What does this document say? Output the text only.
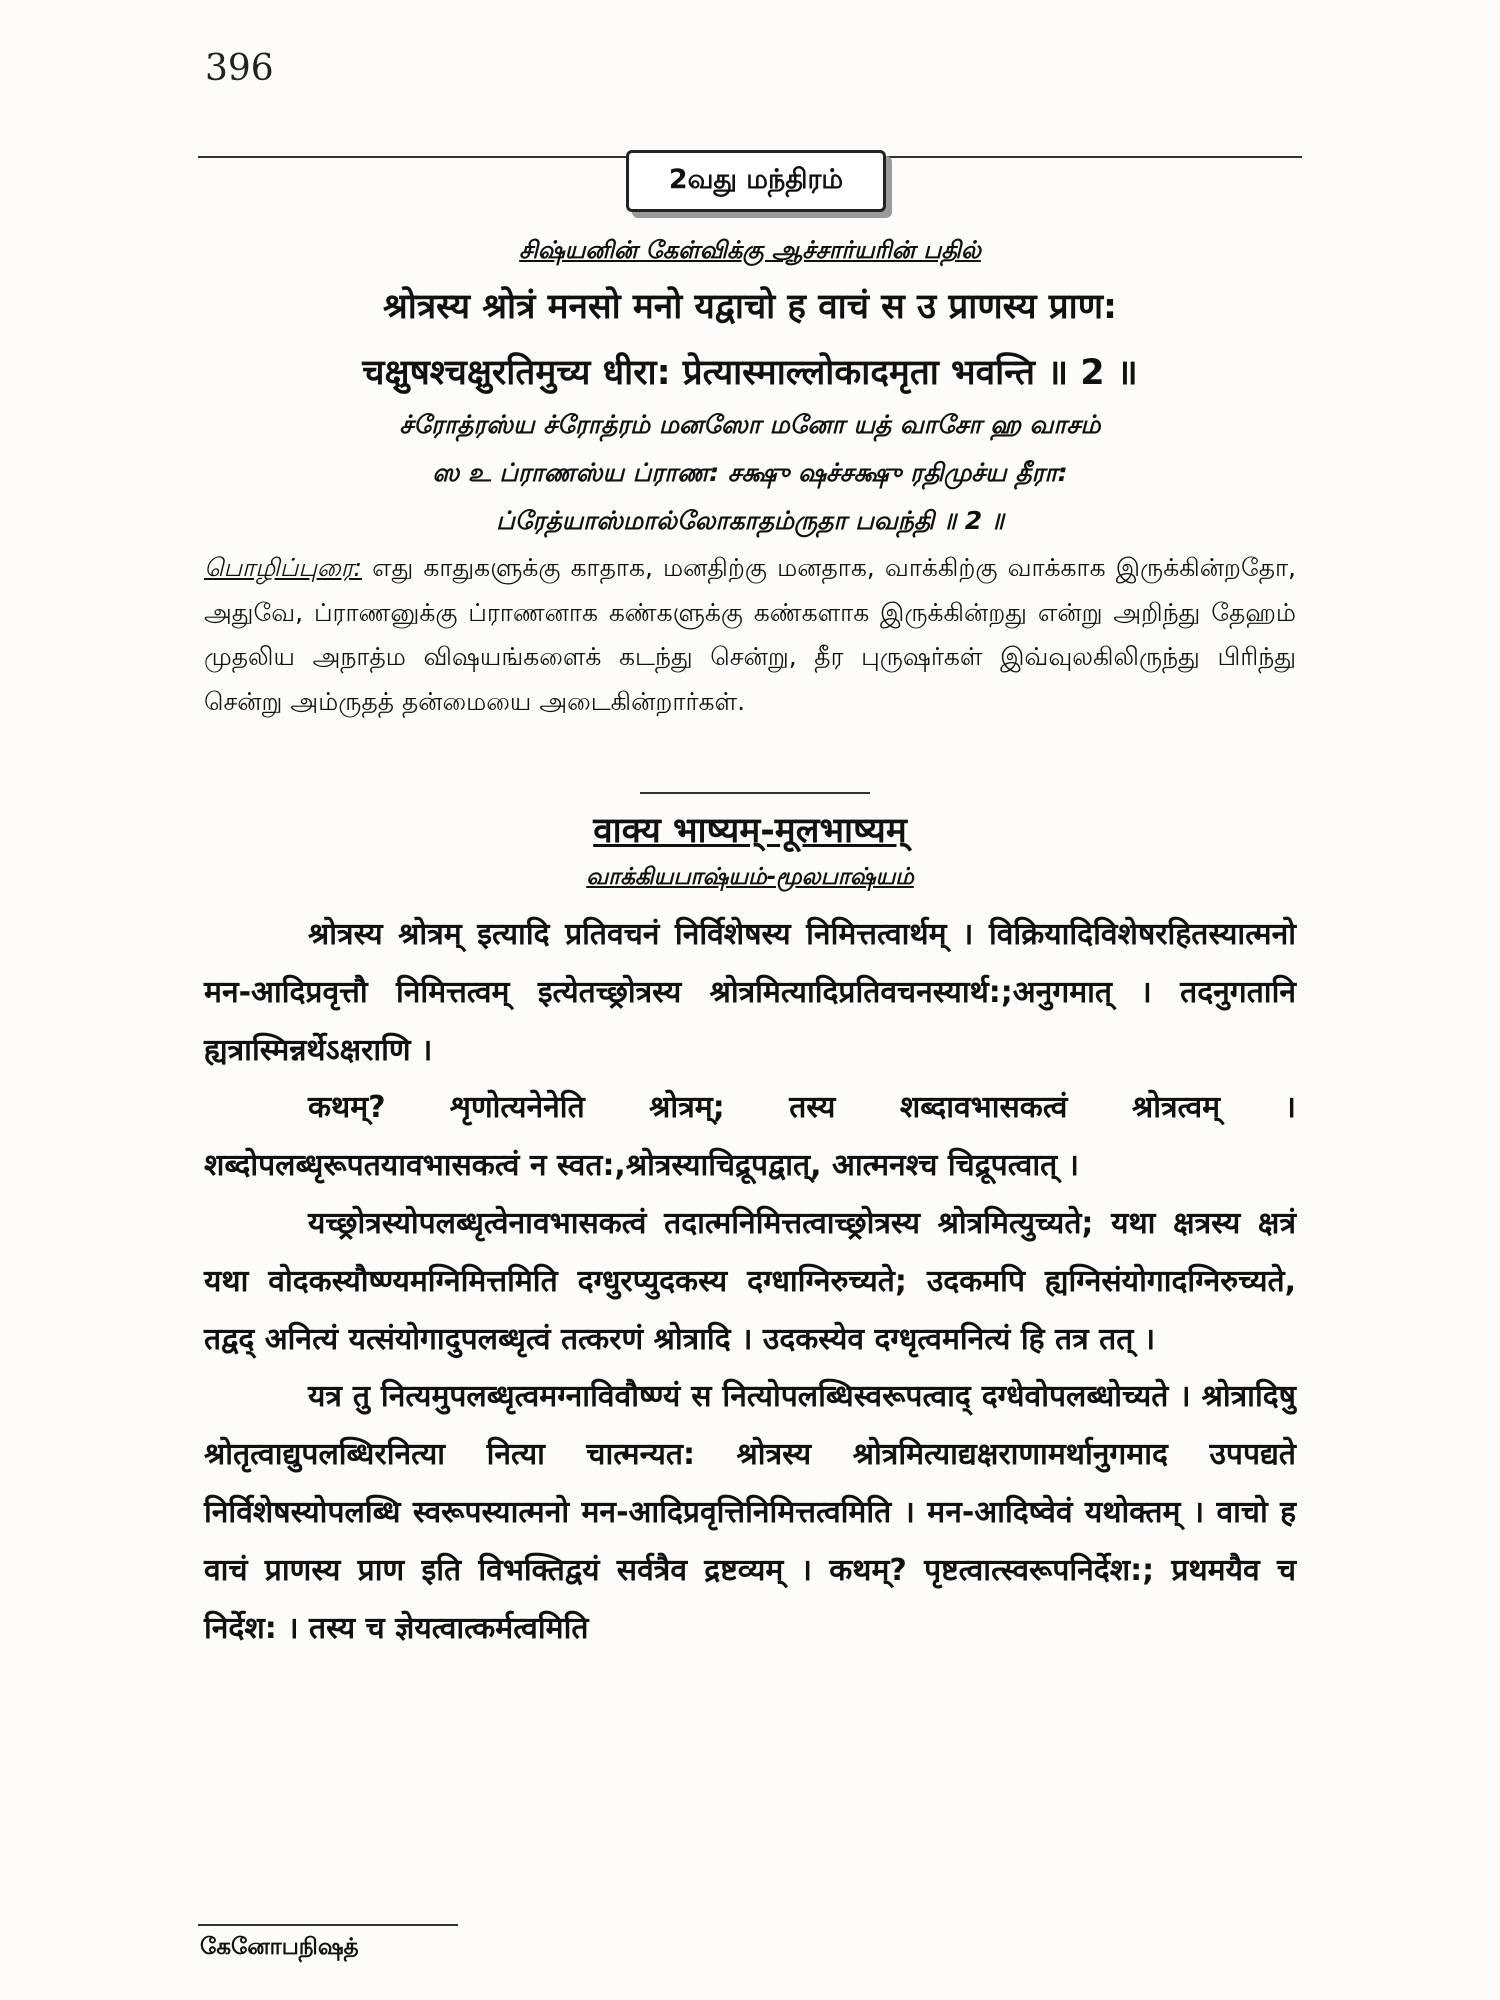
396
2வது மந்திரம்
சிஷ்யனின் கேள்விக்கு ஆச்சார்யரின் பதில்
श्रोत्रस्य श्रोत्रं मनसो मनो यद्वाचो ह वाचं स उ प्राणस्य प्राण:
चक्षुषश्चक्षुरतिमुच्य धीरा: प्रेत्यास्माल्लोकादमृता भवन्ति ॥ 2 ॥
ச்ரோத்ரஸ்ய ச்ரோத்ரம் மனஸோ மனோ யத் வாசோ ஹ வாசம்
ஸ உ ப்ராணஸ்ய ப்ராண: சக்ஷு ஷச்சக்ஷு ரதிமுச்ய தீரா:
ப்ரேத்யாஸ்மால்லோகாதம்ருதா பவந்தி ॥ 2 ॥
பொழிப்புரை: எது காதுகளுக்கு காதாக, மனதிற்கு மனதாக, வாக்கிற்கு வாக்காக இருக்கின்றதோ, அதுவே, ப்ராணனுக்கு ப்ராணனாக கண்களுக்கு கண்களாக இருக்கின்றது என்று அறிந்து தேஹம் முதலிய அநாத்ம விஷயங்களைக் கடந்து சென்று, தீர புருஷர்கள் இவ்வுலகிலிருந்து பிரிந்து சென்று அம்ருதத் தன்மையை அடைகின்றார்கள்.
वाक्य भाष्यम्-मूलभाष्यम्
வாக்கியபாஷ்யம்-மூலபாஷ்யம்

श्रोत्रस्य श्रोत्रम् इत्यादि प्रतिवचनं निर्विशेषस्य निमित्तत्वार्थम् । विक्रियादिविशेषरहितस्यात्मनो मन-आदिप्रवृत्तौ निमित्तत्वम् इत्येतच्छ्रोत्रस्य श्रोत्रमित्यादिप्रतिवचनस्यार्थ:;अनुगमात् । तदनुगतानि ह्यत्रास्मिन्नर्थेऽक्षराणि ।

कथम्? शृणोत्यनेनेति श्रोत्रम्; तस्य शब्दावभासकत्वं श्रोत्रत्वम् । शब्दोपलब्धृरूपतयावभासकत्वं न स्वत:,श्रोत्रस्याचिद्रूपद्वात्, आत्मनश्च चिद्रूपत्वात् ।

यच्छ्रोत्रस्योपलब्धृत्वेनावभासकत्वं तदात्मनिमित्तत्वाच्छ्रोत्रस्य श्रोत्रमित्युच्यते; यथा क्षत्रस्य क्षत्रं यथा वोदकस्यौष्ण्यमग्निमित्तमिति दग्धुरप्युदकस्य दग्धाग्निरुच्यते; उदकमपि ह्यग्निसंयोगादग्निरुच्यते, तद्वद् अनित्यं यत्संयोगादुपलब्धृत्वं तत्करणं श्रोत्रादि । उदकस्येव दग्धृत्वमनित्यं हि तत्र तत् ।

यत्र तु नित्यमुपलब्धृत्वमग्नाविवौष्ण्यं स नित्योपलब्धिस्वरूपत्वाद् दग्धेवोपलब्धोच्यते । श्रोत्रादिषु श्रोतृत्वाद्युपलब्धिरनित्या नित्या चात्मन्यत: श्रोत्रस्य श्रोत्रमित्याद्यक्षराणामर्थानुगमाद उपपद्यते निर्विशेषस्योपलब्धि स्वरूपस्यात्मनो मन-आदिप्रवृत्तिनिमित्तत्वमिति । मन-आदिष्वेवं यथोक्तम् । वाचो ह वाचं प्राणस्य प्राण इति विभक्तिद्वयं सर्वत्रैव द्रष्टव्यम् । कथम्? पृष्टत्वात्स्वरूपनिर्देश:; प्रथमयैव च निर्देश: । तस्य च ज्ञेयत्वात्कर्मत्वमिति

கேனோபநிஷத்
